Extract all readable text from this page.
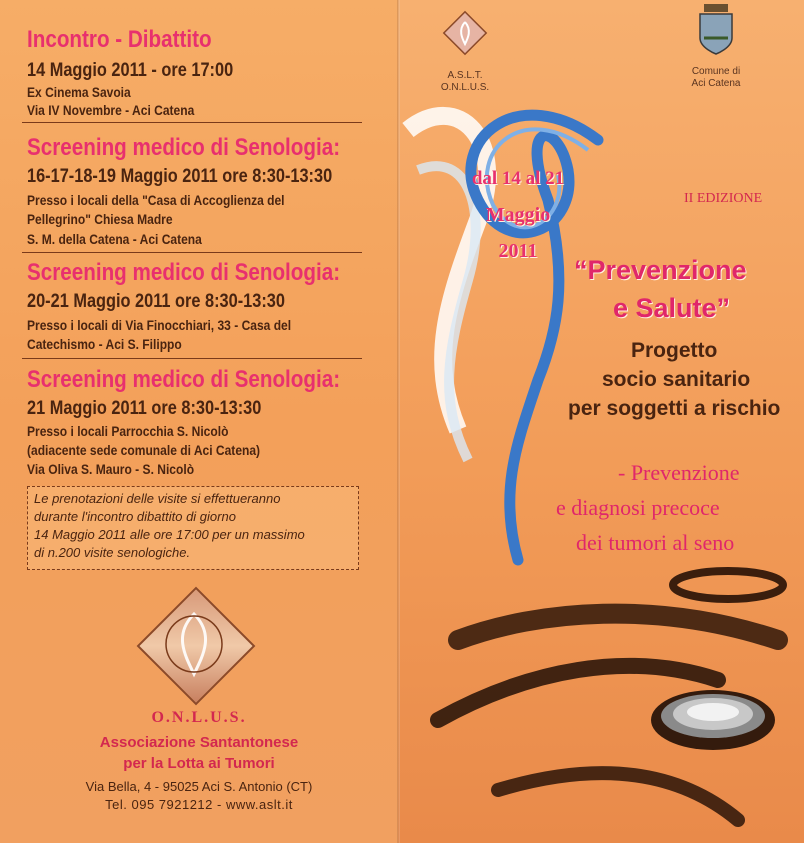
Incontro - Dibattito
14 Maggio 2011 - ore 17:00
Ex Cinema Savoia
Via IV Novembre - Aci Catena
Screening medico di Senologia:
16-17-18-19 Maggio 2011 ore 8:30-13:30
Presso i locali della "Casa di Accoglienza del
Pellegrino" Chiesa Madre
S. M. della Catena - Aci Catena
Screening medico di Senologia:
20-21 Maggio 2011 ore 8:30-13:30
Presso i locali di Via Finocchiari, 33 - Casa del
Catechismo - Aci S. Filippo
Screening medico di Senologia:
21 Maggio 2011 ore 8:30-13:30
Presso i locali Parrocchia S. Nicolò
(adiacente sede comunale di Aci Catena)
Via Oliva S. Mauro - S. Nicolò
Le prenotazioni delle visite si effettueranno
durante l'incontro dibattito di giorno
14 Maggio 2011 alle ore 17:00 per un massimo
di n.200 visite senologiche.
O.N.L.U.S.
Associazione Santantonese
per la Lotta ai Tumori
Via Bella, 4 - 95025 Aci S. Antonio (CT)
Tel. 095 7921212 - www.aslt.it
A.S.L.T.
O.N.L.U.S.
Comune di
Aci Catena
dal 14 al 21
Maggio
2011
II EDIZIONE
“Prevenzione
e Salute”
Progetto
socio sanitario
per soggetti a rischio
- Prevenzione
e diagnosi precoce
dei tumori al seno
